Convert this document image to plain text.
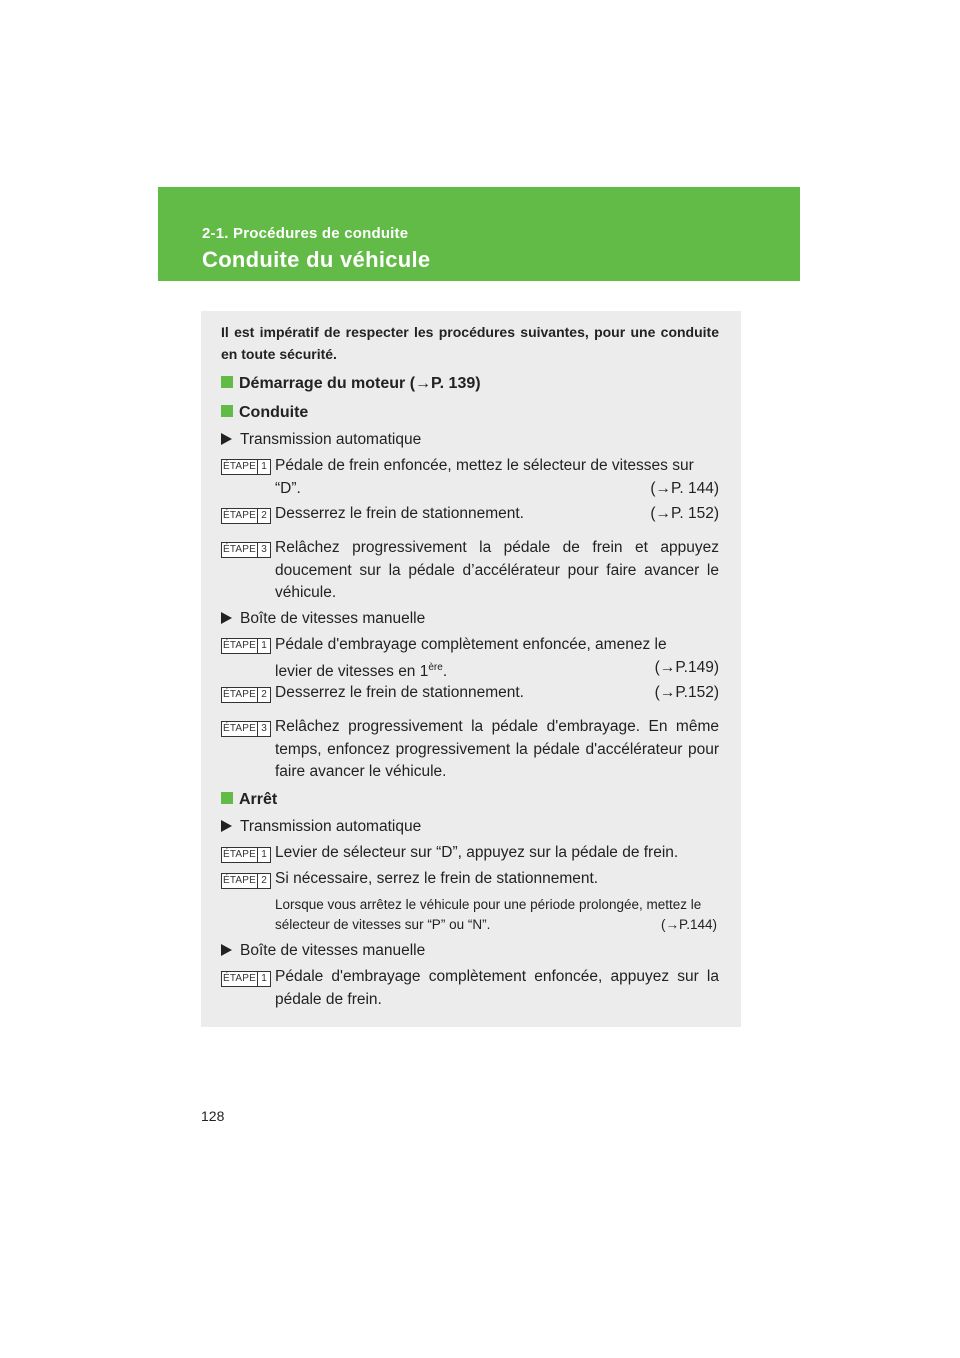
2-1. Procédures de conduite
Conduite du véhicule
Il est impératif de respecter les procédures suivantes, pour une conduite en toute sécurité.
Démarrage du moteur (→P. 139)
Conduite
Transmission automatique
ÉTAPE 1 Pédale de frein enfoncée, mettez le sélecteur de vitesses sur
“D”.	(→P. 144)
ÉTAPE 2 Desserrez le frein de stationnement.	(→P. 152)
ÉTAPE 3 Relâchez progressivement la pédale de frein et appuyez doucement sur la pédale d’accélérateur pour faire avancer le véhicule.
Boîte de vitesses manuelle
ÉTAPE 1 Pédale d'embrayage complètement enfoncée, amenez le
levier de vitesses en 1ère.	(→P.149)
ÉTAPE 2 Desserrez le frein de stationnement.	(→P.152)
ÉTAPE 3 Relâchez progressivement la pédale d'embrayage. En même temps, enfoncez progressivement la pédale d'accélérateur pour faire avancer le véhicule.
Arrêt
Transmission automatique
ÉTAPE 1 Levier de sélecteur sur “D”, appuyez sur la pédale de frein.
ÉTAPE 2 Si nécessaire, serrez le frein de stationnement.
Lorsque vous arrêtez le véhicule pour une période prolongée, mettez le sélecteur de vitesses sur “P” ou “N”.	(→P.144)
Boîte de vitesses manuelle
ÉTAPE 1 Pédale d'embrayage complètement enfoncée, appuyez sur la pédale de frein.
128
